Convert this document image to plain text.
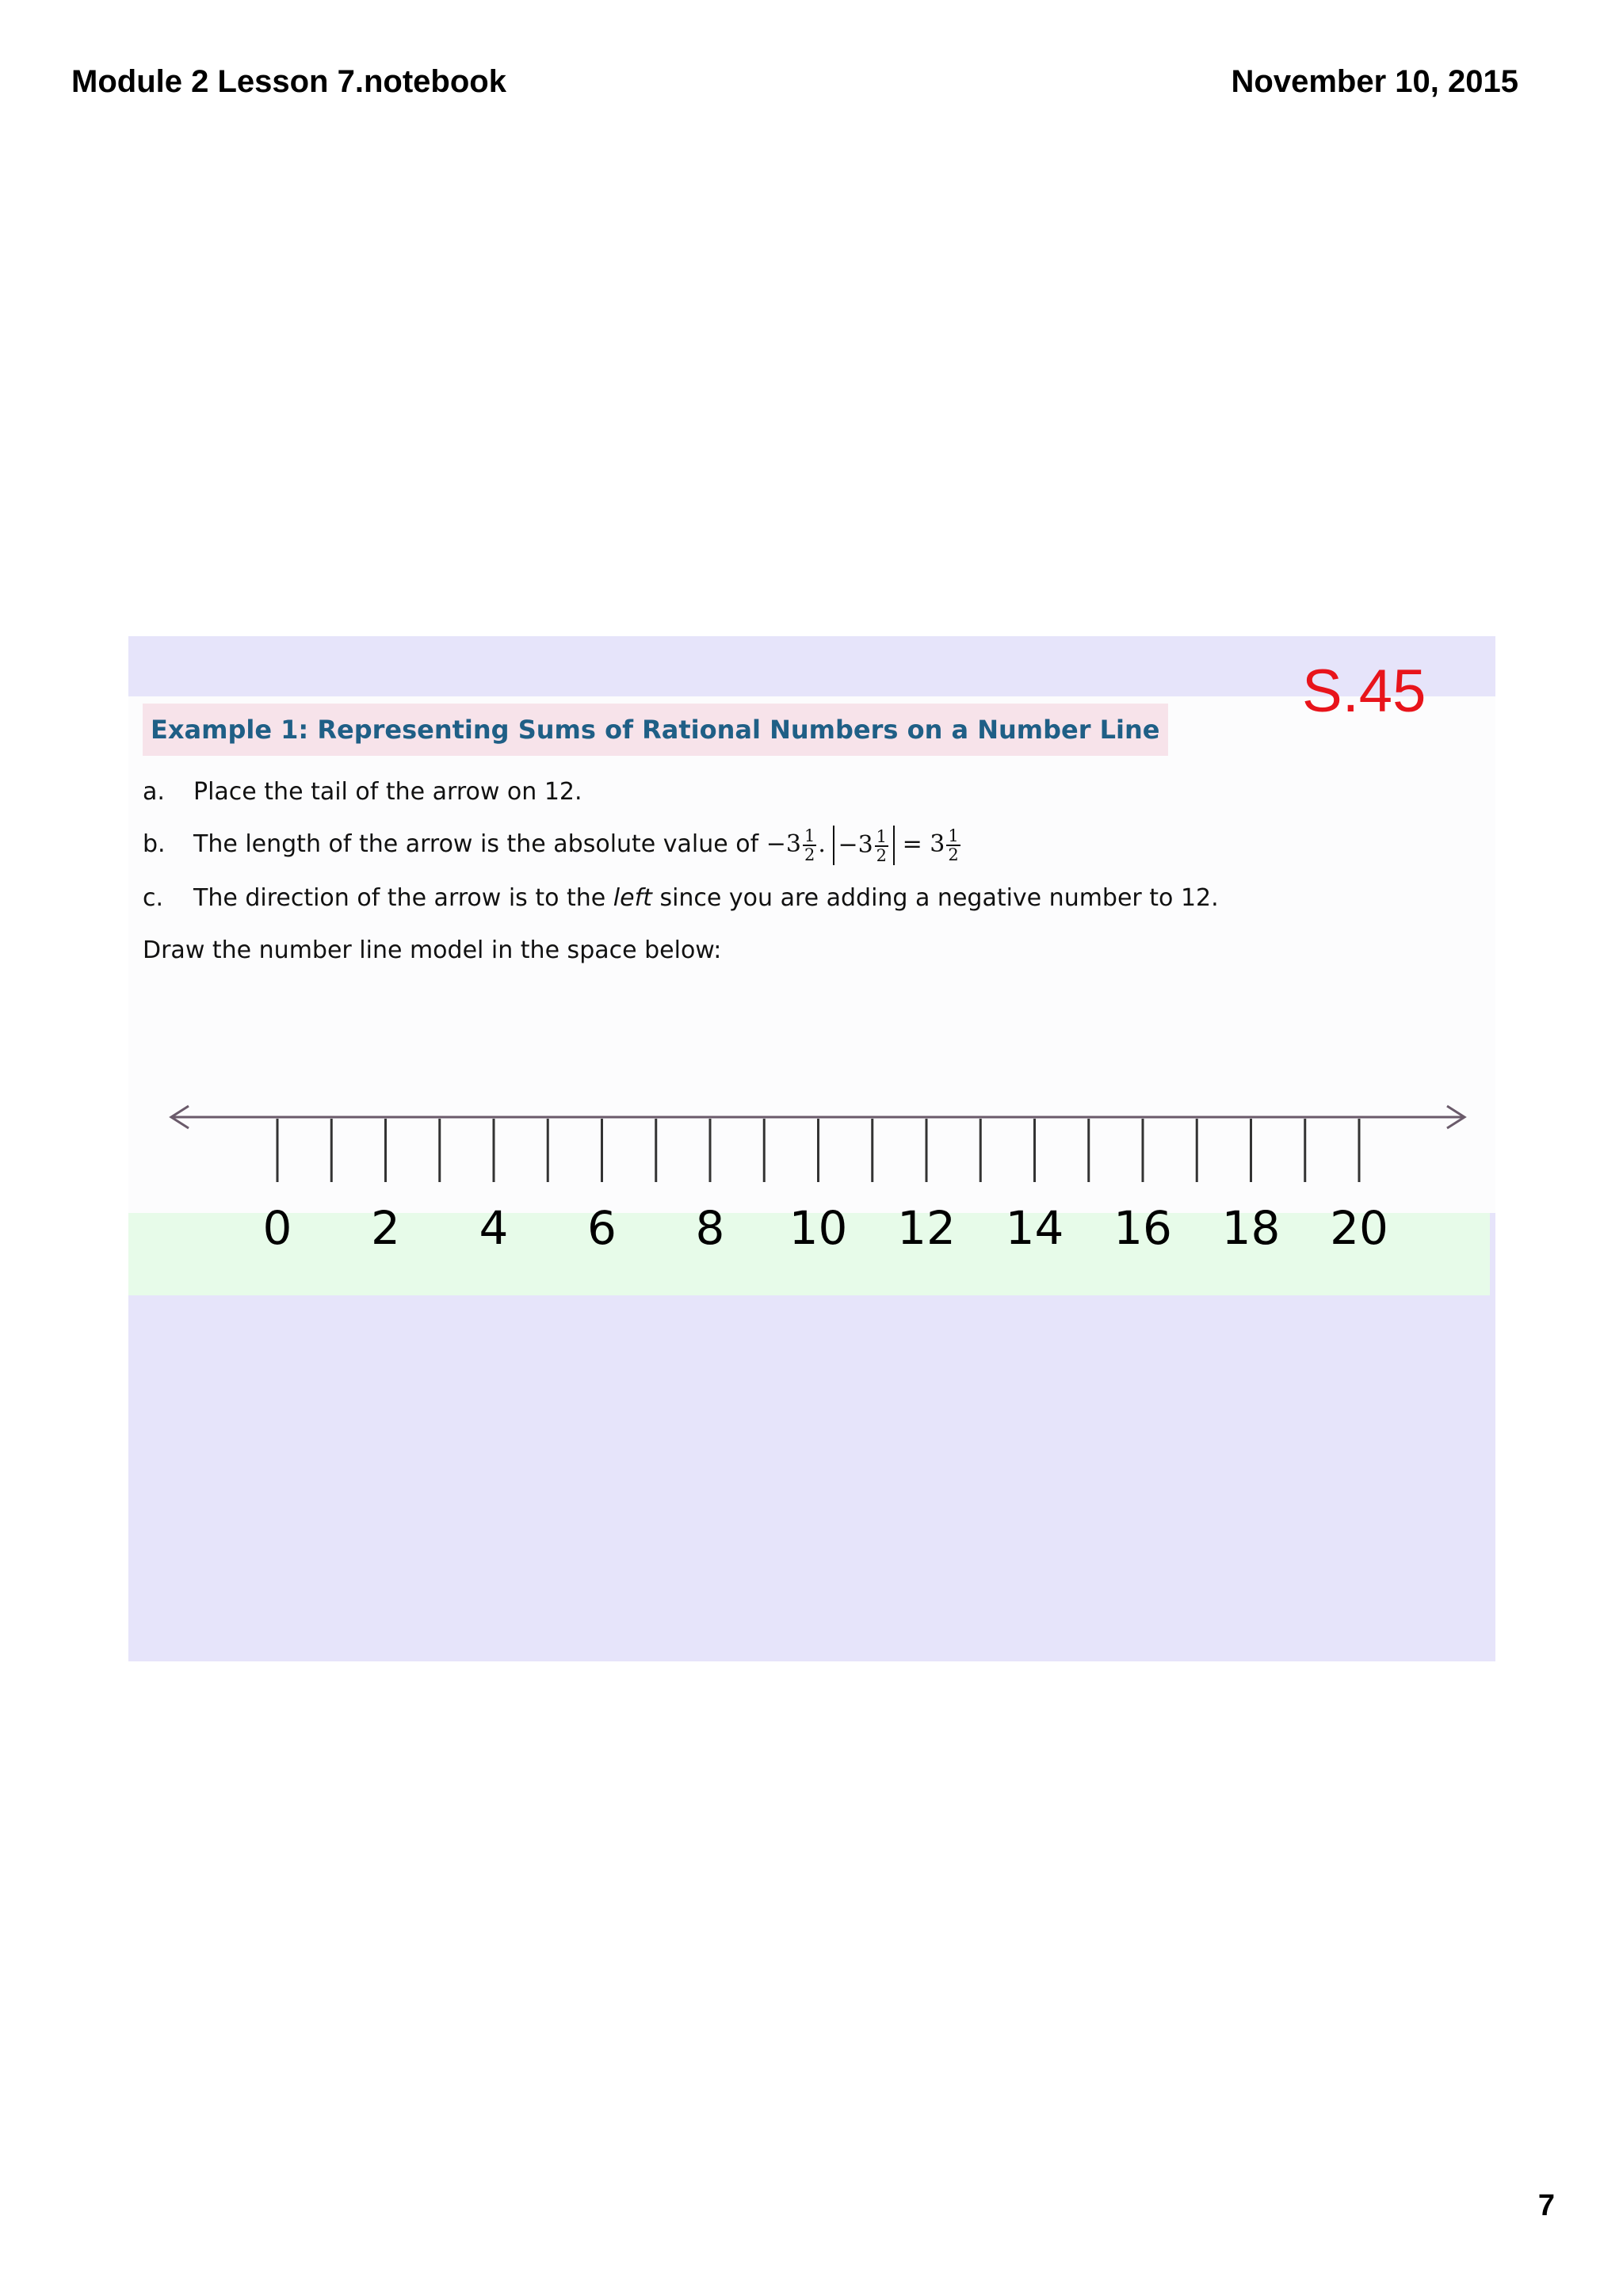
Module 2 Lesson 7.notebook	November 10, 2015
S.45
Example 1: Representing Sums of Rational Numbers on a Number Line
a. Place the tail of the arrow on 12.
b. The length of the arrow is the absolute value of $-3 \frac{1}{2}$ . $-3 \frac{1}{2} = 3 \frac{1}{2}$
c. The direction of the arrow is to the left since you are adding a negative number to 12.
Draw the number line model in the space below:
0 2 4 6 8 10 12 14 16 18 20
7
